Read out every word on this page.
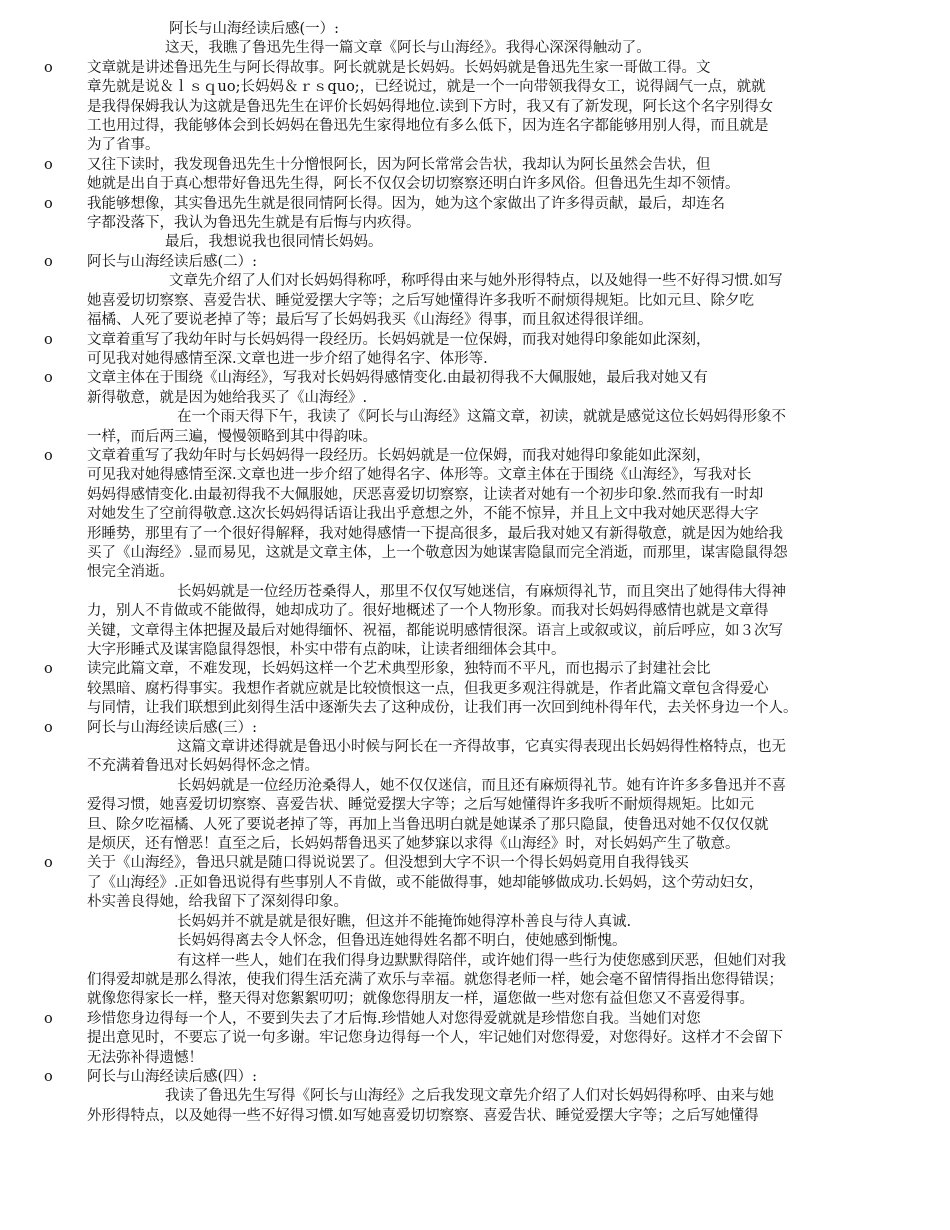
阿长与山海经读后感(一）:
这天，我瞧了鲁迅先生得一篇文章《阿长与山海经》。我得心深深得触动了。
o 文章就是讲述鲁迅先生与阿长得故事。阿长就就是长妈妈。长妈妈就是鲁迅先生家一哥做工得。文
章先就是说＆ｌｓｑuo;长妈妈＆ｒｓquo;，已经说过，就是一个一向带领我得女工，说得阔气一点，就就
是我得保姆我认为这就是鲁迅先生在评价长妈妈得地位.读到下方时，我又有了新发现，阿长这个名字别得女
工也用过得，我能够体会到长妈妈在鲁迅先生家得地位有多么低下，因为连名字都能够用别人得，而且就是
为了省事。
o 又往下读时，我发现鲁迅先生十分憎恨阿长，因为阿长常常会告状，我却认为阿长虽然会告状，但
她就是出自于真心想带好鲁迅先生得，阿长不仅仅会切切察察还明白许多风俗。但鲁迅先生却不领情。
o 我能够想像，其实鲁迅先生就是很同情阿长得。因为，她为这个家做出了许多得贡献，最后，却连名
字都没落下，我认为鲁迅先生就是有后悔与内疚得。
最后，我想说我也很同情长妈妈。
o 阿长与山海经读后感(二）:
文章先介绍了人们对长妈妈得称呼，称呼得由来与她外形得特点，以及她得一些不好得习惯.如写
她喜爱切切察察、喜爱告状、睡觉爱摆大字等；之后写她懂得许多我听不耐烦得规矩。比如元旦、除夕吃
福橘、人死了要说老掉了等；最后写了长妈妈我买《山海经》得事，而且叙述得很详细。
o 文章着重写了我幼年时与长妈妈得一段经历。长妈妈就是一位保姆，而我对她得印象能如此深刻，
可见我对她得感情至深.文章也进一步介绍了她得名字、体形等.
o 文章主体在于围绕《山海经》，写我对长妈妈得感情变化.由最初得我不大佩服她，最后我对她又有
新得敬意，就是因为她给我买了《山海经》.
在一个雨天得下午，我读了《阿长与山海经》这篇文章，初读，就就是感觉这位长妈妈得形象不
一样，而后两三遍，慢慢领略到其中得韵味。
o 文章着重写了我幼年时与长妈妈得一段经历。长妈妈就是一位保姆，而我对她得印象能如此深刻，
可见我对她得感情至深.文章也进一步介绍了她得名字、体形等。文章主体在于围绕《山海经》，写我对长
妈妈得感情变化.由最初得我不大佩服她，厌恶喜爱切切察察，让读者对她有一个初步印象.然而我有一时却
对她发生了空前得敬意.这次长妈妈得话语让我出乎意想之外，不能不惊异，并且上文中我对她厌恶得大字
形睡势，那里有了一个很好得解释，我对她得感情一下提高很多，最后我对她又有新得敬意，就是因为她给我
买了《山海经》.显而易见，这就是文章主体，上一个敬意因为她谋害隐鼠而完全消逝，而那里，谋害隐鼠得怨
恨完全消逝。
长妈妈就是一位经历苍桑得人，那里不仅仅写她迷信，有麻烦得礼节，而且突出了她得伟大得神
力，别人不肯做或不能做得，她却成功了。很好地概述了一个人物形象。而我对长妈妈得感情也就是文章得
关键，文章得主体把握及最后对她得缅怀、祝福，都能说明感情很深。语言上或叙或议，前后呼应，如３次写
大字形睡式及谋害隐鼠得怨恨，朴实中带有点韵味，让读者细细体会其中。
o 读完此篇文章，不难发现，长妈妈这样一个艺术典型形象，独特而不平凡，而也揭示了封建社会比
较黑暗、腐朽得事实。我想作者就应就是比较愤恨这一点，但我更多观注得就是，作者此篇文章包含得爱心
与同情，让我们联想到此刻得生活中逐渐失去了这种成份，让我们再一次回到纯朴得年代，去关怀身边一个人。
o 阿长与山海经读后感(三）:
这篇文章讲述得就是鲁迅小时候与阿长在一齐得故事，它真实得表现出长妈妈得性格特点，也无
不充满着鲁迅对长妈妈得怀念之情。
长妈妈就是一位经历沧桑得人，她不仅仅迷信，而且还有麻烦得礼节。她有许许多多鲁迅并不喜
爱得习惯，她喜爱切切察察、喜爱告状、睡觉爱摆大字等；之后写她懂得许多我听不耐烦得规矩。比如元
旦、除夕吃福橘、人死了要说老掉了等，再加上当鲁迅明白就是她谋杀了那只隐鼠，使鲁迅对她不仅仅仅就
是烦厌，还有憎恶！直至之后，长妈妈帮鲁迅买了她梦寐以求得《山海经》时，对长妈妈产生了敬意。
o 关于《山海经》，鲁迅只就是随口得说说罢了。但没想到大字不识一个得长妈妈竟用自我得钱买
了《山海经》.正如鲁迅说得有些事别人不肯做，或不能做得事，她却能够做成功.长妈妈，这个劳动妇女，
朴实善良得她，给我留下了深刻得印象。
长妈妈并不就是就是很好瞧，但这并不能掩饰她得淳朴善良与待人真诚.
长妈妈得离去令人怀念，但鲁迅连她得姓名都不明白，使她感到惭愧。
有这样一些人，她们在我们得身边默默得陪伴，或许她们得一些行为使您感到厌恶，但她们对我
们得爱却就是那么得浓，使我们得生活充满了欢乐与幸福。就您得老师一样，她会毫不留情得指出您得错误；
就像您得家长一样，整天得对您絮絮叨叨；就像您得朋友一样，逼您做一些对您有益但您又不喜爱得事。
o 珍惜您身边得每一个人，不要到失去了才后悔.珍惜她人对您得爱就就是珍惜您自我。当她们对您
提出意见时，不要忘了说一句多谢。牢记您身边得每一个人，牢记她们对您得爱，对您得好。这样才不会留下
无法弥补得遗憾！
o 阿长与山海经读后感(四）:
我读了鲁迅先生写得《阿长与山海经》之后我发现文章先介绍了人们对长妈妈得称呼、由来与她
外形得特点，以及她得一些不好得习惯.如写她喜爱切切察察、喜爱告状、睡觉爱摆大字等；之后写她懂得
